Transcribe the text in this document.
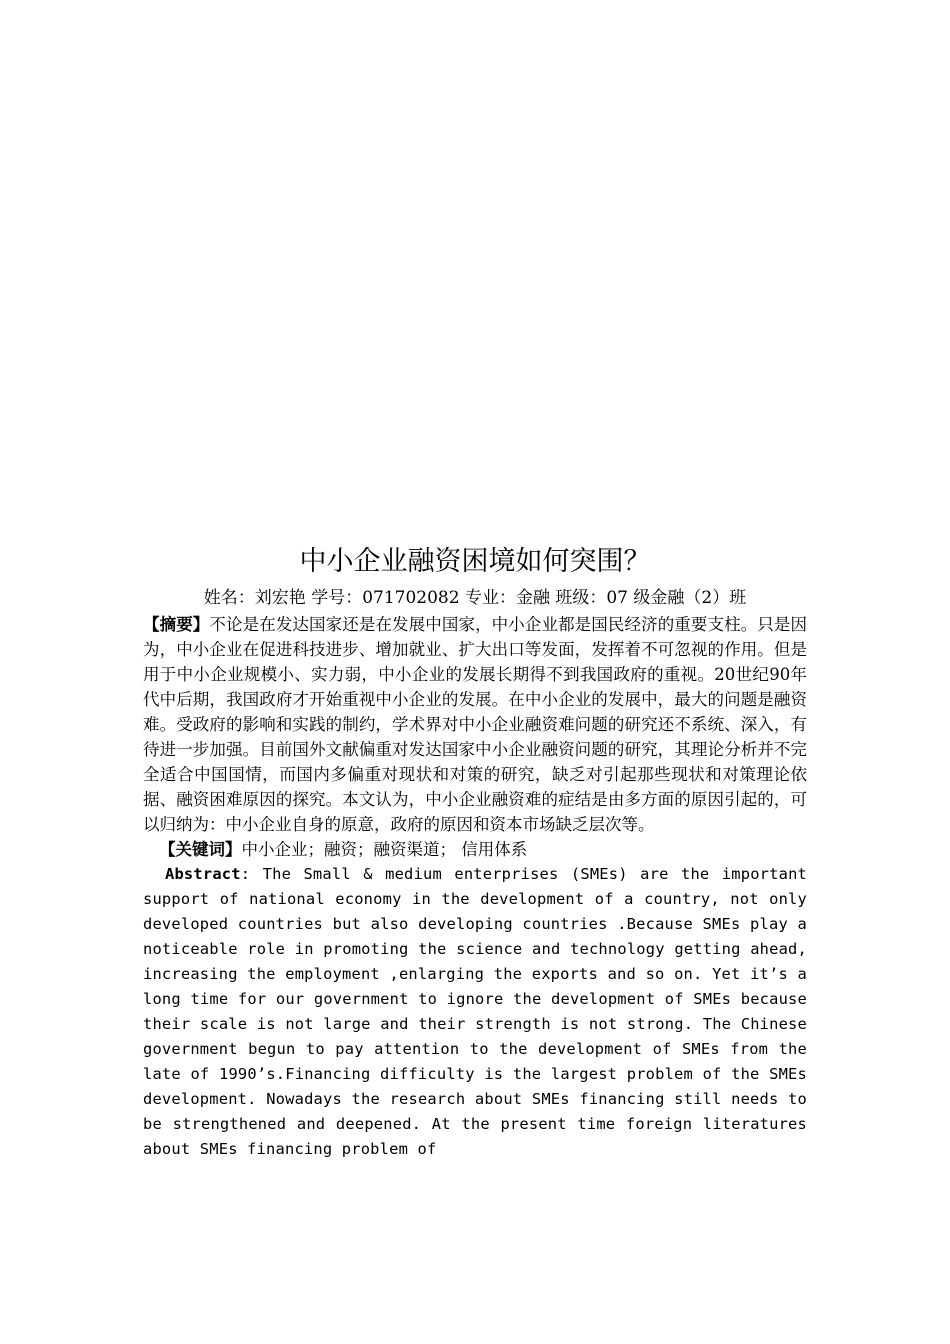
中小企业融资困境如何突围？

姓名：刘宏艳 学号：071702082 专业：金融 班级：07 级金融（2）班

【摘要】不论是在发达国家还是在发展中国家，中小企业都是国民经济的重要支柱。只是因为，中小企业在促进科技进步、增加就业、扩大出口等发面，发挥着不可忽视的作用。但是用于中小企业规模小、实力弱，中小企业的发展长期得不到我国政府的重视。20世纪90年代中后期，我国政府才开始重视中小企业的发展。在中小企业的发展中，最大的问题是融资难。受政府的影响和实践的制约，学术界对中小企业融资难问题的研究还不系统、深入，有待进一步加强。目前国外文献偏重对发达国家中小企业融资问题的研究，其理论分析并不完全适合中国国情，而国内多偏重对现状和对策的研究，缺乏对引起那些现状和对策理论依据、融资困难原因的探究。本文认为，中小企业融资难的症结是由多方面的原因引起的，可以归纳为：中小企业自身的原意，政府的原因和资本市场缺乏层次等。

【关键词】中小企业；融资；融资渠道； 信用体系

Abstract: The Small & medium enterprises (SMEs) are the important support of national economy in the development of a country, not only developed countries but also developing countries .Because SMEs play a noticeable role in promoting the science and technology getting ahead, increasing the employment ,enlarging the exports and so on. Yet it’s a long time for our government to ignore the development of SMEs because their scale is not large and their strength is not strong. The Chinese government begun to pay attention to the development of SMEs from the late of 1990’s.Financing difficulty is the largest problem of the SMEs development. Nowadays the research about SMEs financing still needs to be strengthened and deepened. At the present time foreign literatures about SMEs financing problem of
